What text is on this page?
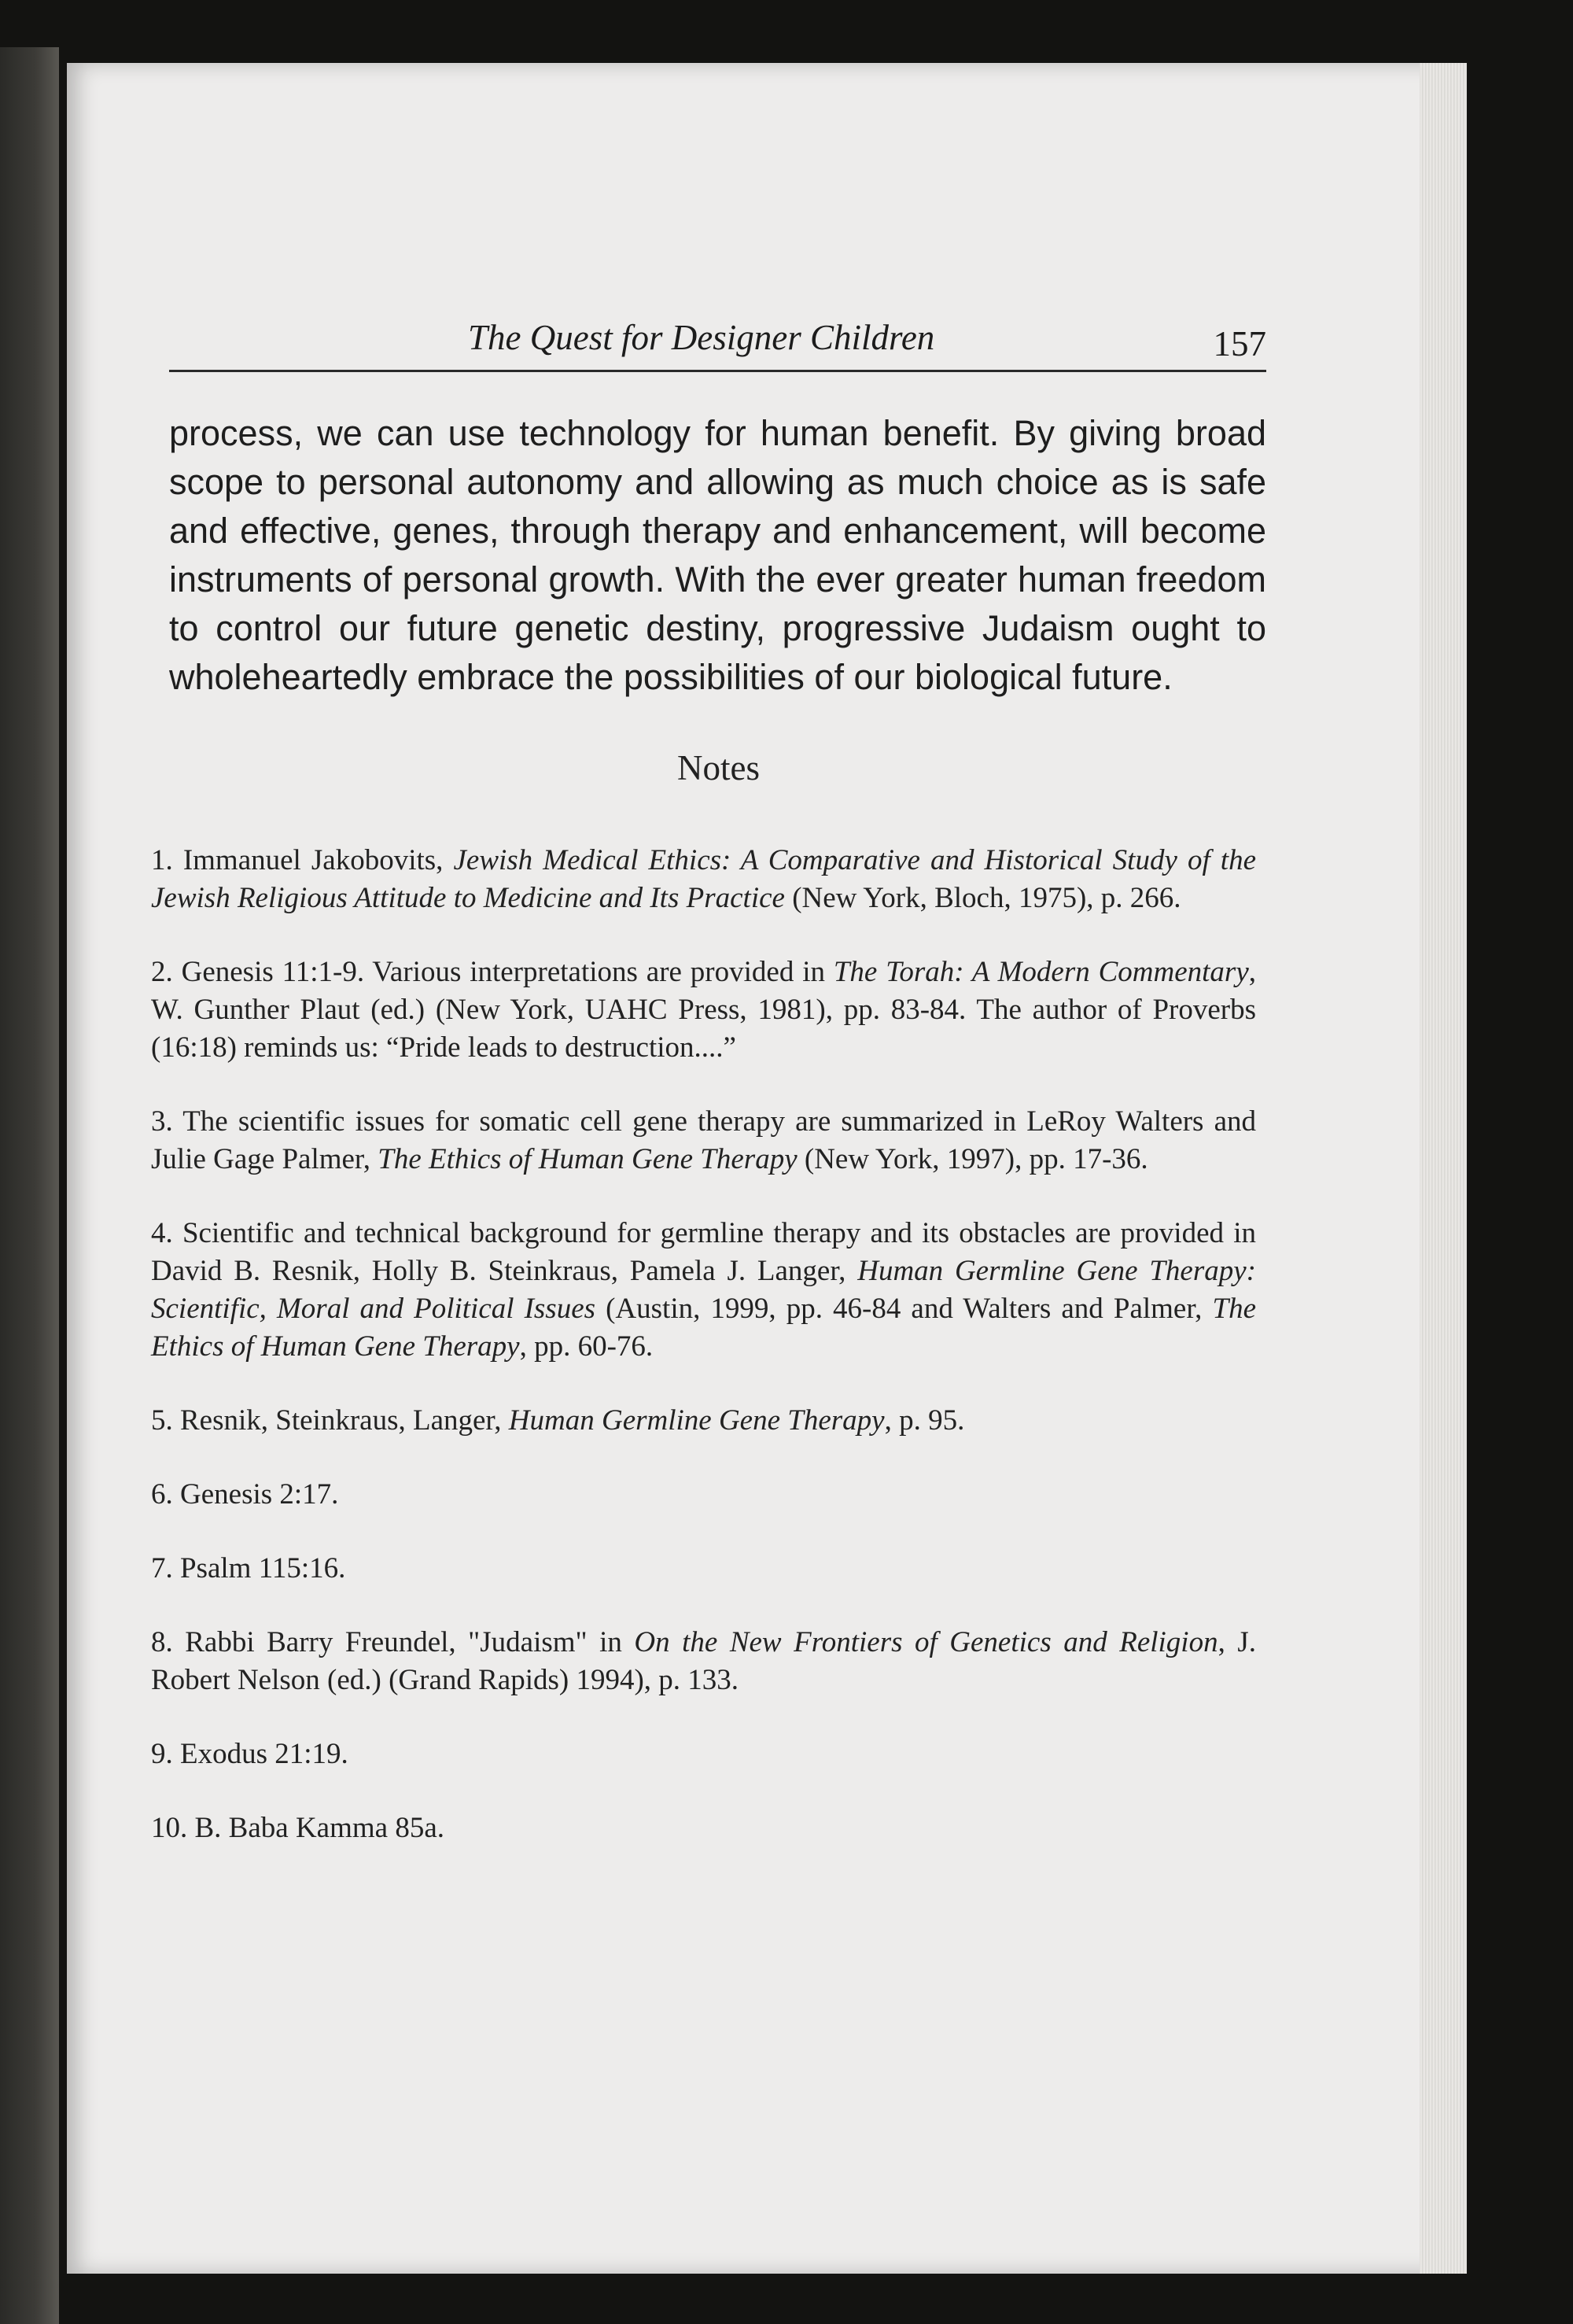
The Quest for Designer Children	157

process, we can use technology for human benefit. By giving broad scope to personal autonomy and allowing as much choice as is safe and effective, genes, through therapy and enhancement, will become instruments of personal growth. With the ever greater human freedom to control our future genetic destiny, progressive Judaism ought to wholeheartedly embrace the possibilities of our biological future.

Notes

1. Immanuel Jakobovits, Jewish Medical Ethics: A Comparative and Historical Study of the Jewish Religious Attitude to Medicine and Its Practice (New York, Bloch, 1975), p. 266.

2. Genesis 11:1-9. Various interpretations are provided in The Torah: A Modern Commentary, W. Gunther Plaut (ed.) (New York, UAHC Press, 1981), pp. 83-84. The author of Proverbs (16:18) reminds us: “Pride leads to destruction....”

3. The scientific issues for somatic cell gene therapy are summarized in LeRoy Walters and Julie Gage Palmer, The Ethics of Human Gene Therapy (New York, 1997), pp. 17-36.

4. Scientific and technical background for germline therapy and its obstacles are provided in David B. Resnik, Holly B. Steinkraus, Pamela J. Langer, Human Germline Gene Therapy: Scientific, Moral and Political Issues (Austin, 1999, pp. 46-84 and Walters and Palmer, The Ethics of Human Gene Therapy, pp. 60-76.

5. Resnik, Steinkraus, Langer, Human Germline Gene Therapy, p. 95.

6. Genesis 2:17.

7. Psalm 115:16.

8. Rabbi Barry Freundel, "Judaism" in On the New Frontiers of Genetics and Religion, J. Robert Nelson (ed.) (Grand Rapids) 1994), p. 133.

9. Exodus 21:19.

10. B. Baba Kamma 85a.
